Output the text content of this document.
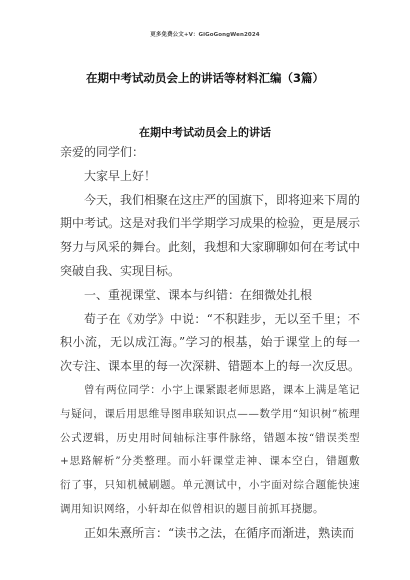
更多免费公文+V：GiGoGongWen2024
在期中考试动员会上的讲话等材料汇编（3篇）
在期中考试动员会上的讲话

亲爱的同学们：

大家早上好！

今天，我们相聚在这庄严的国旗下，即将迎来下周的期中考试。这是对我们半学期学习成果的检验，更是展示努力与风采的舞台。此刻，我想和大家聊聊如何在考试中突破自我、实现目标。

一、重视课堂、课本与纠错：在细微处扎根

荀子在《劝学》中说：“不积跬步，无以至千里；不积小流，无以成江海。”学习的根基，始于课堂上的每一次专注、课本里的每一次深耕、错题本上的每一次反思。

曾有两位同学：小宇上课紧跟老师思路，课本上满是笔记与疑问，课后用思维导图串联知识点——数学用“知识树”梳理公式逻辑，历史用时间轴标注事件脉络，错题本按“错误类型+思路解析”分类整理。而小轩课堂走神、课本空白，错题敷衍了事，只知机械刷题。单元测试中，小宇面对综合题能快速调用知识网络，小轩却在似曾相识的题目前抓耳挠腮。

正如朱熹所言：“读书之法，在循序而渐进，熟读而
